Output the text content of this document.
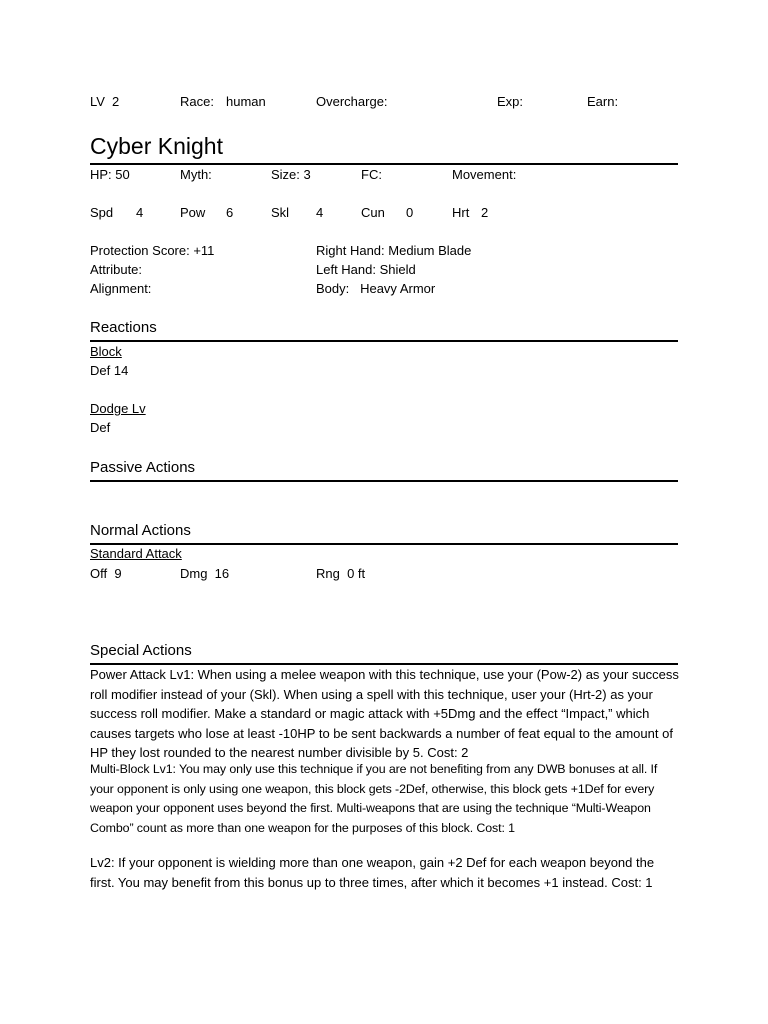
LV 2	Race: human	Overcharge:	Exp:	Earn:
Cyber Knight
HP: 50	Myth:	Size: 3	FC:	Movement:
Spd 4	Pow 6	Skl 4	Cun 0	Hrt 2
Protection Score: +11
Attribute:
Alignment:
Right Hand: Medium Blade
Left Hand: Shield
Body:   Heavy Armor
Reactions
Block
Def 14
Dodge Lv
Def
Passive Actions
Normal Actions
Standard Attack
Off  9	Dmg  16	Rng  0 ft
Special Actions
Power Attack Lv1: When using a melee weapon with this technique, use your (Pow-2) as your success roll modifier instead of your (Skl). When using a spell with this technique, user your (Hrt-2) as your success roll modifier. Make a standard or magic attack with +5Dmg and the effect “Impact,” which causes targets who lose at least -10HP to be sent backwards a number of feat equal to the amount of HP they lost rounded to the nearest number divisible by 5. Cost: 2
Multi-Block Lv1: You may only use this technique if you are not benefiting from any DWB bonuses at all. If your opponent is only using one weapon, this block gets -2Def, otherwise, this block gets +1Def for every weapon your opponent uses beyond the first. Multi-weapons that are using the technique “Multi-Weapon Combo” count as more than one weapon for the purposes of this block. Cost: 1
Lv2: If your opponent is wielding more than one weapon, gain +2 Def for each weapon beyond the first. You may benefit from this bonus up to three times, after which it becomes +1 instead. Cost: 1
